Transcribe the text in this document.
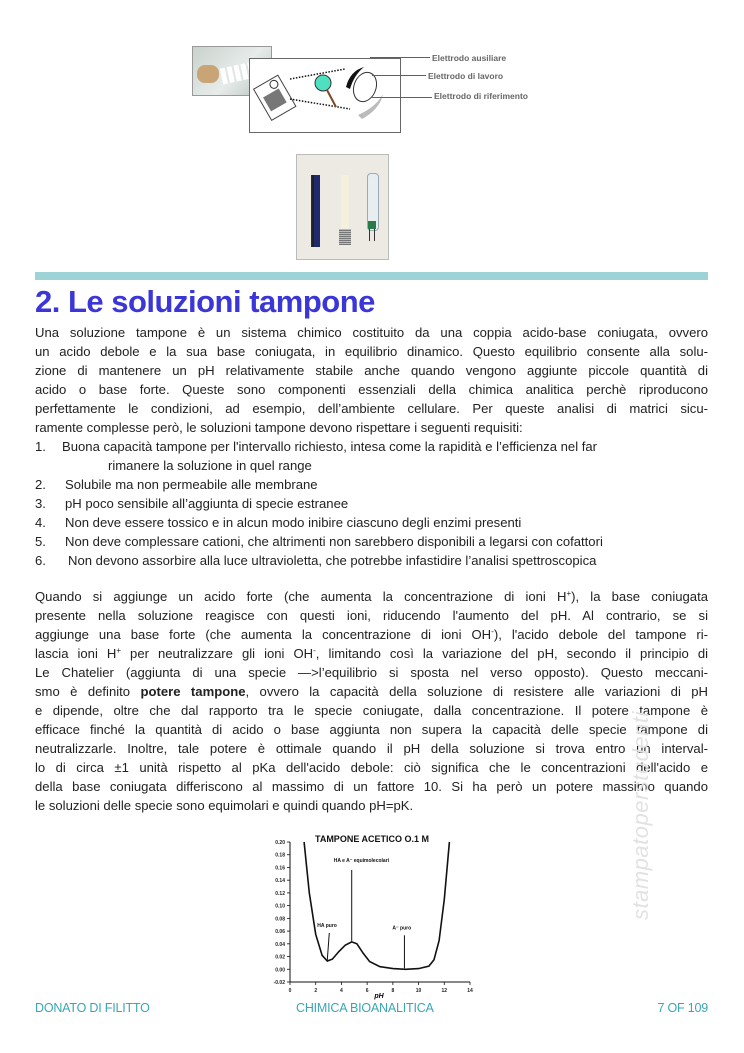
Elettrodo ausiliare
Elettrodo di lavoro
Elettrodo di riferimento
2. Le soluzioni tampone
Una soluzione tampone è un sistema chimico costituito da una coppia acido-base coniugata, ovvero
un acido debole e la sua base coniugata, in equilibrio dinamico. Questo equilibrio consente alla solu-
zione di mantenere un pH relativamente stabile anche quando vengono aggiunte piccole quantità di
acido o base forte. Queste sono componenti essenziali della chimica analitica perchè riproducono
perfettamente le condizioni, ad esempio, dell’ambiente cellulare. Per queste analisi di matrici sicu-
ramente complesse però, le soluzioni tampone devono rispettare i seguenti requisiti:
1.	Buona capacità tampone per l'intervallo richiesto, intesa come la rapidità e l’efficienza nel far
rimanere la soluzione in quel range
2.	Solubile ma non permeabile alle membrane
3.	pH poco sensibile all’aggiunta di specie estranee
4.	Non deve essere tossico e in alcun modo inibire ciascuno degli enzimi presenti
5.	Non deve complessare cationi, che altrimenti non sarebbero disponibili a legarsi con cofattori
6.	Non devono assorbire alla luce ultravioletta, che potrebbe infastidire l’analisi spettroscopica
Quando si aggiunge un acido forte (che aumenta la concentrazione di ioni H+), la base coniugata
presente nella soluzione reagisce con questi ioni, riducendo l'aumento del pH. Al contrario, se si
aggiunge una base forte (che aumenta la concentrazione di ioni OH-), l'acido debole del tampone ri-
lascia ioni H+ per neutralizzare gli ioni OH-, limitando così la variazione del pH, secondo il principio di
Le Chatelier (aggiunta di una specie —>l’equilibrio si sposta nel verso opposto). Questo meccani-
smo è definito potere tampone, ovvero la capacità della soluzione di resistere alle variazioni di pH
e dipende, oltre che dal rapporto tra le specie coniugate, dalla concentrazione. Il potere tampone è
efficace finché la quantità di acido o base aggiunta non supera la capacità delle specie tampone di
neutralizzarle. Inoltre, tale potere è ottimale quando il pH della soluzione si trova entro un interval-
lo di circa ±1 unità rispetto al pKa dell'acido debole: ciò significa che le concentrazioni dell'acido e
della base coniugata differiscono al massimo di un fattore 10. Si ha però un potere massimo quando
le soluzioni delle specie sono equimolari e quindi quando pH=pK.
TAMPONE ACETICO O.1 M
-0.02
0.00
0.02
0.04
0.06
0.08
0.10
0.12
0.14
0.16
0.18
0.20
0	2	4	6	8	10	12	14
HA puro
HA e A⁻ equimolecolari
A⁻ puro
pH
stampatoperstudenti
DONATO DI FILITTO	CHIMICA BIOANALITICA	7 OF 109
